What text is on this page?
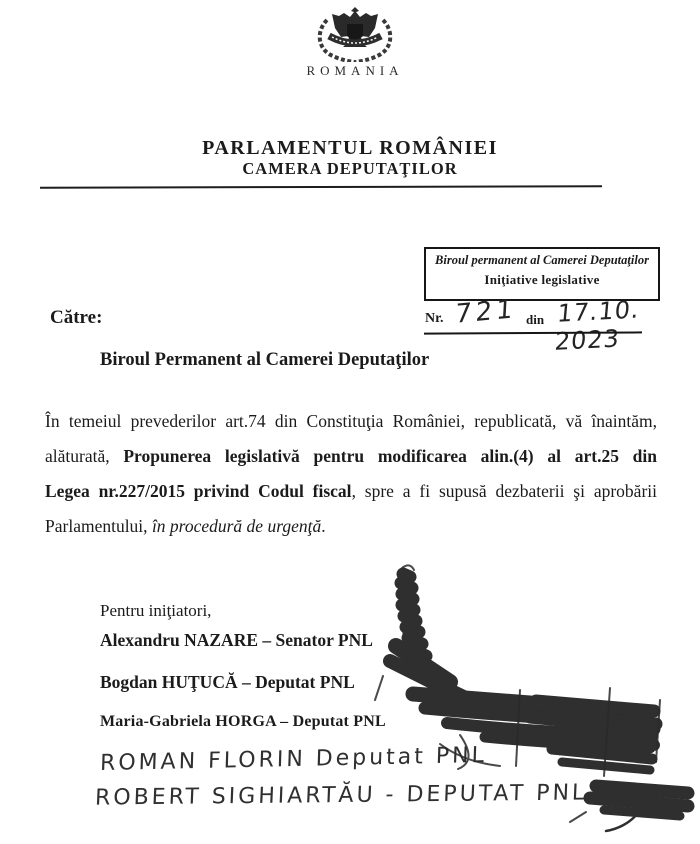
ROMANIA
PARLAMENTUL ROMÂNIEI
CAMERA DEPUTAŢILOR
Biroul permanent al Camerei Deputaţilor
Iniţiative legislative
Nr. 721 din 17.10. 2023
Către:
Biroul Permanent al Camerei Deputaţilor
În temeiul prevederilor art.74 din Constituţia României, republicată, vă înaintăm,
alăturată, Propunerea legislativă pentru modificarea alin.(4) al art.25 din
Legea nr.227/2015 privind Codul fiscal, spre a fi supusă dezbaterii şi aprobării
Parlamentului, în procedură de urgenţă.
Pentru iniţiatori,
Alexandru NAZARE – Senator PNL
Bogdan HUŢUCĂ – Deputat PNL
Maria-Gabriela HORGA – Deputat PNL
ROMAN FLORIN Deputat PNL
ROBERT SIGHIARTĂU - DEPUTAT PNL
